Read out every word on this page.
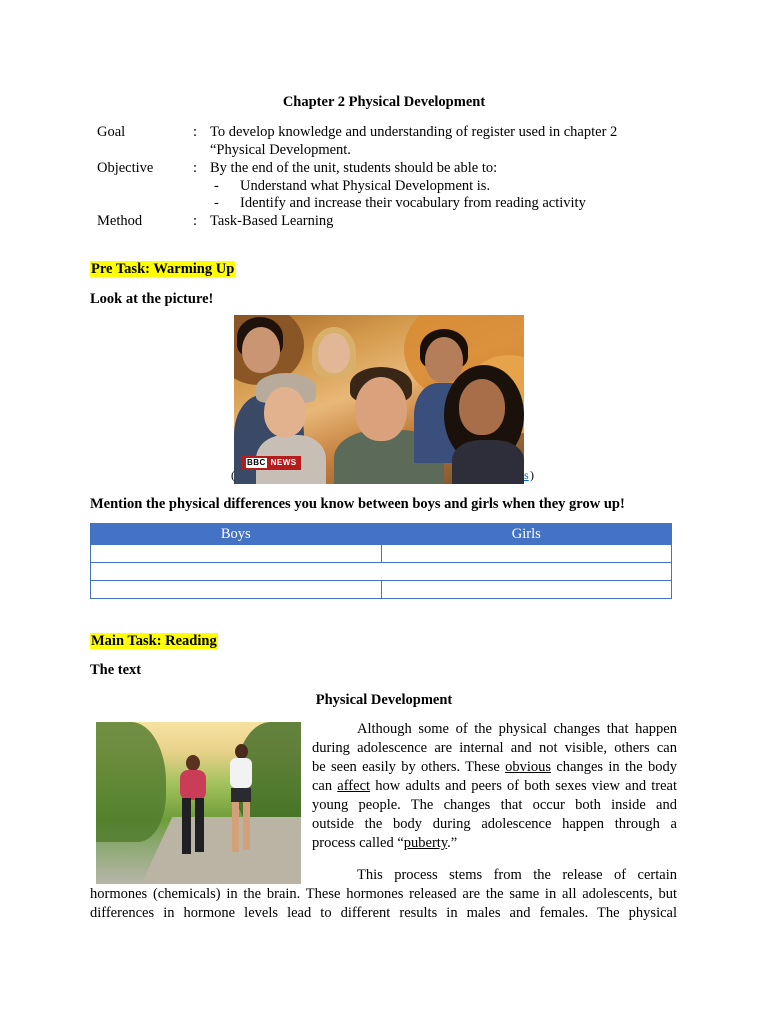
Chapter 2 Physical Development
Goal	: To develop knowledge and understanding of register used in chapter 2
“Physical Development.
Objective	: By the end of the unit, students should be able to:
- Understand what Physical Development is.
- Identify and increase their vocabulary from reading activity
Method	: Task-Based Learning
Pre Task: Warming Up
Look at the picture!
BBC NEWS
(	s )
Mention the physical differences you know between boys and girls when they grow up!
Boys	Girls

Main Task: Reading
The text
Physical Development
Although some of the physical changes that happen
during adolescence are internal and not visible, others can
be seen easily by others. These obvious changes in the body
can affect how adults and peers of both sexes view and treat
young people. The changes that occur both inside and
outside the body during adolescence happen through a
process called “puberty.”
This process stems from the release of certain
hormones (chemicals) in the brain. These hormones released are the same in all adolescents, but
differences in hormone levels lead to different results in males and females. The physical
